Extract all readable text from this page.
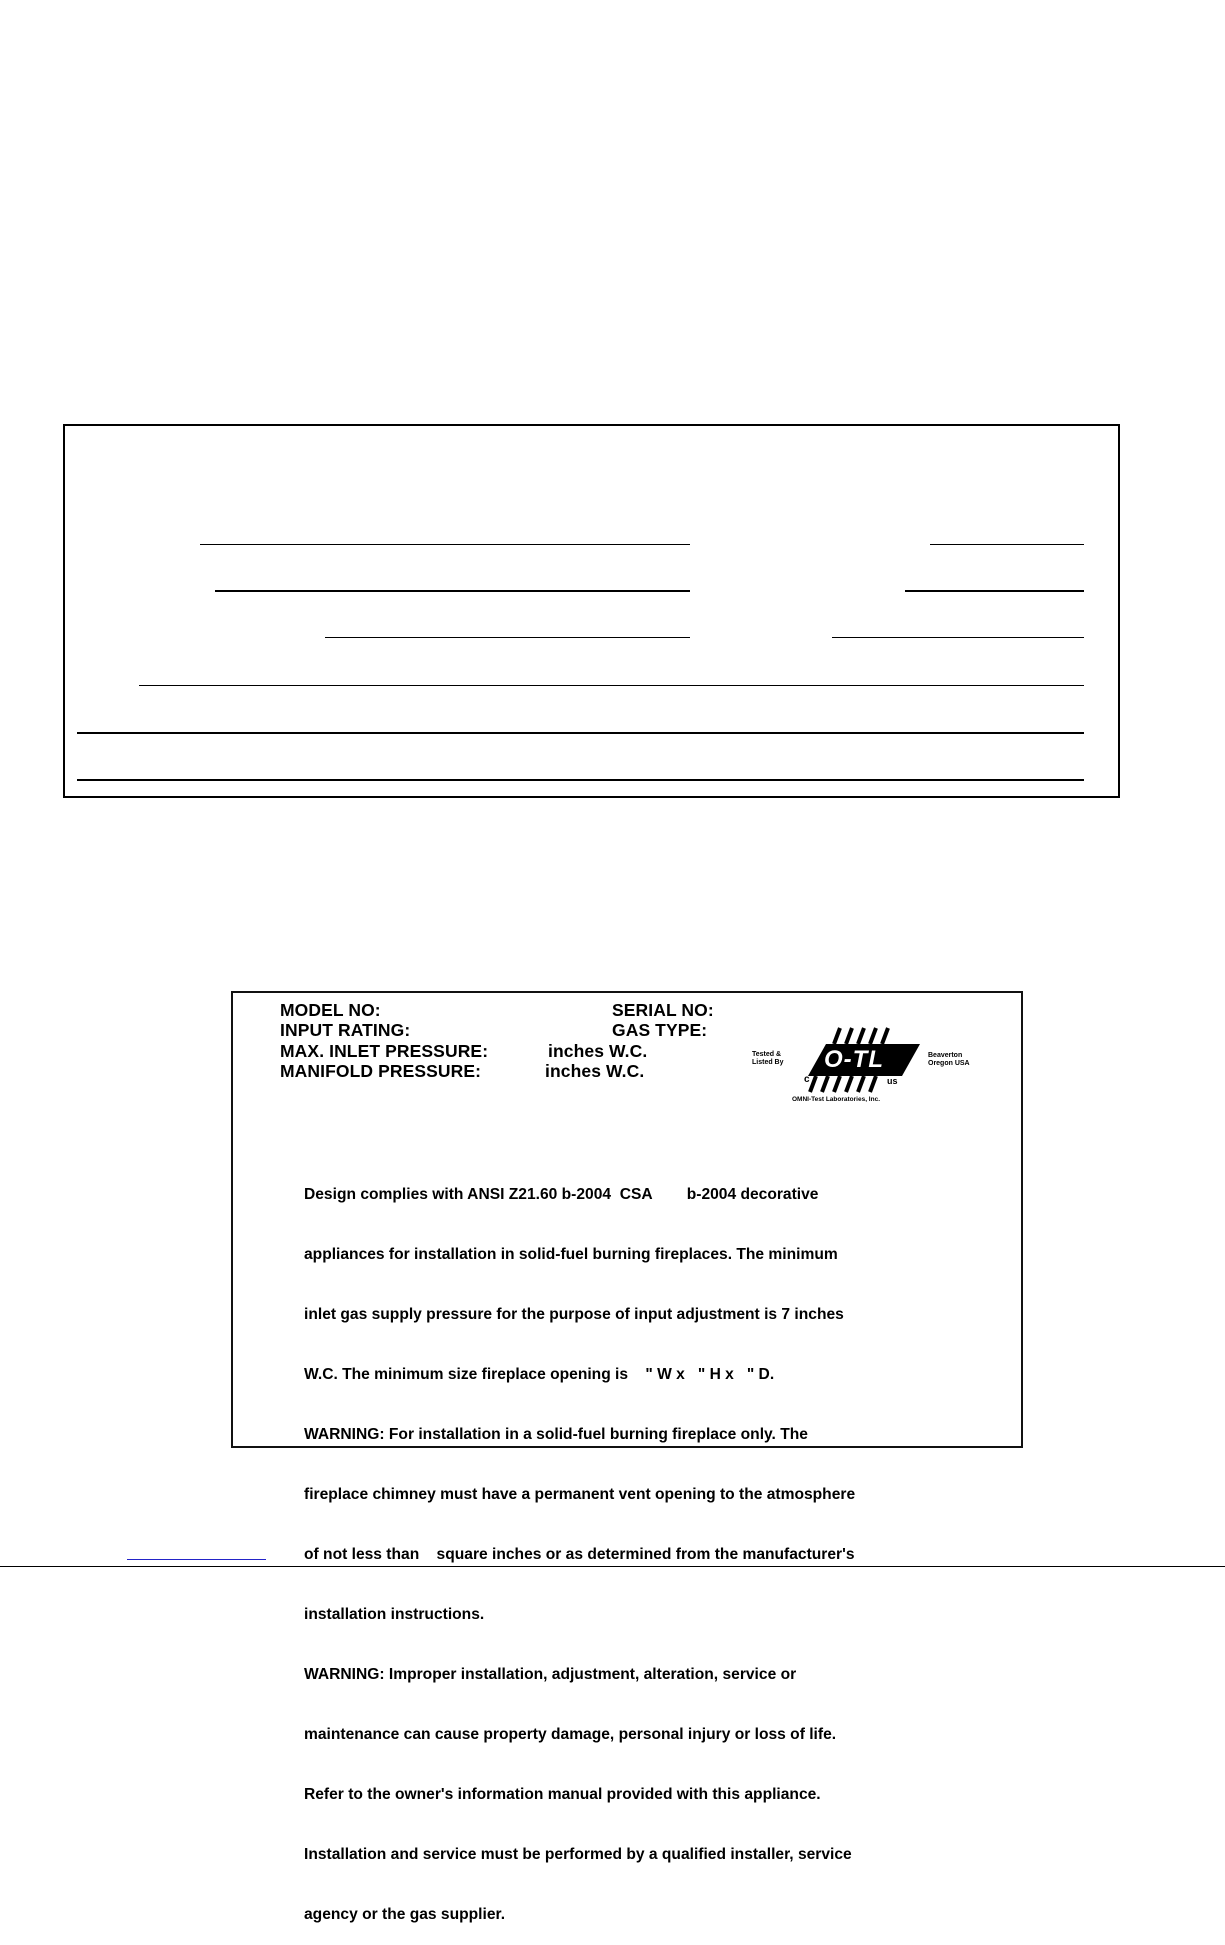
MODEL NO:	SERIAL NO:
INPUT RATING:	GAS TYPE:
MAX. INLET PRESSURE:	inches W.C.
MANIFOLD PRESSURE:	inches W.C.	O-TL
Tested &
Listed By
Beaverton
Oregon USA
c	us
OMNI-Test Laboratories, Inc.

Design complies with ANSI Z21.60 b-2004  CSA        b-2004 decorative

appliances for installation in solid-fuel burning fireplaces. The minimum

inlet gas supply pressure for the purpose of input adjustment is 7 inches

W.C. The minimum size fireplace opening is    " W x   " H x   " D.

WARNING: For installation in a solid-fuel burning fireplace only. The

fireplace chimney must have a permanent vent opening to the atmosphere

of not less than    square inches or as determined from the manufacturer's

installation instructions.

WARNING: Improper installation, adjustment, alteration, service or

maintenance can cause property damage, personal injury or loss of life.

Refer to the owner's information manual provided with this appliance.

Installation and service must be performed by a qualified installer, service

agency or the gas supplier.
